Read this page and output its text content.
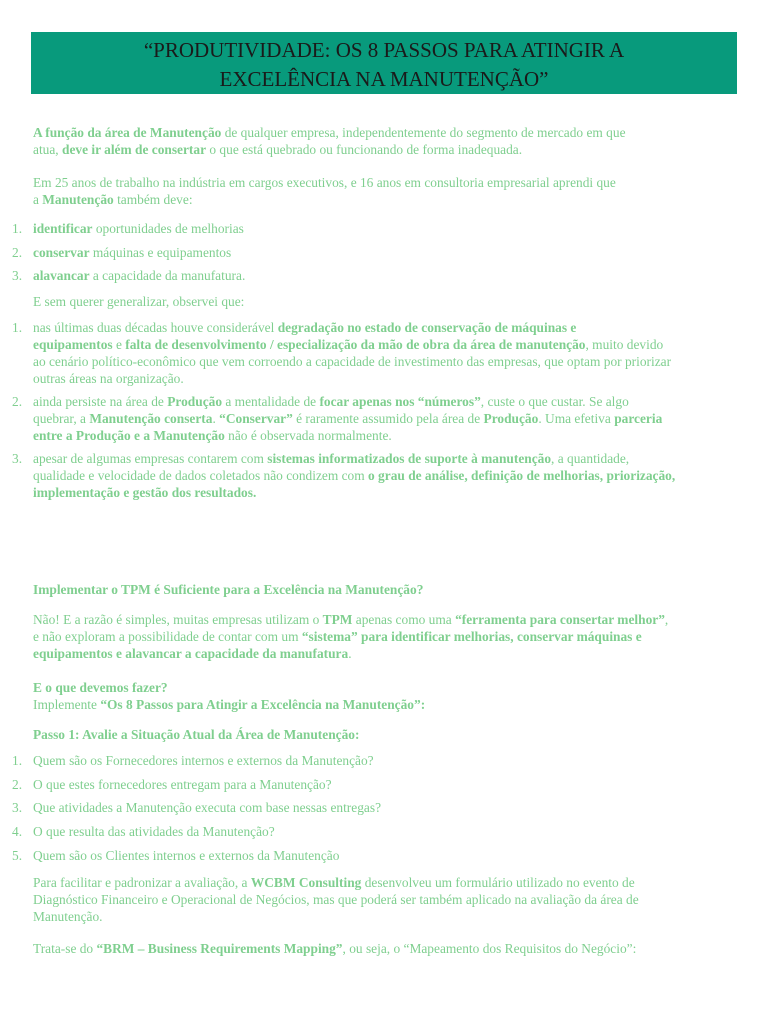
“PRODUTIVIDADE: OS 8 PASSOS PARA ATINGIR A
EXCELÊNCIA NA MANUTENÇÃO”
A função da área de Manutenção de qualquer empresa, independentemente do segmento de mercado em que
atua, deve ir além de consertar o que está quebrado ou funcionando de forma inadequada.
Em 25 anos de trabalho na indústria em cargos executivos, e 16 anos em consultoria empresarial aprendi que
a Manutenção também deve:
1. identificar oportunidades de melhorias
2. conservar máquinas e equipamentos
3. alavancar a capacidade da manufatura.
E sem querer generalizar, observei que:
1. nas últimas duas décadas houve considerável degradação no estado de conservação de máquinas e
equipamentos e falta de desenvolvimento / especialização da mão de obra da área de manutenção, muito devido
ao cenário político-econômico que vem corroendo a capacidade de investimento das empresas, que optam por priorizar
outras áreas na organização.
2. ainda persiste na área de Produção a mentalidade de focar apenas nos “números”, custe o que custar. Se algo
quebrar, a Manutenção conserta. “Conservar” é raramente assumido pela área de Produção. Uma efetiva parceria
entre a Produção e a Manutenção não é observada normalmente.
3. apesar de algumas empresas contarem com sistemas informatizados de suporte à manutenção, a quantidade,
qualidade e velocidade de dados coletados não condizem com o grau de análise, definição de melhorias, priorização,
implementação e gestão dos resultados.
Implementar o TPM é Suficiente para a Excelência na Manutenção?
Não! E a razão é simples, muitas empresas utilizam o TPM apenas como uma “ferramenta para consertar melhor”,
e não exploram a possibilidade de contar com um “sistema” para identificar melhorias, conservar máquinas e
equipamentos e alavancar a capacidade da manufatura.
E o que devemos fazer?
Implemente “Os 8 Passos para Atingir a Excelência na Manutenção”:
Passo 1: Avalie a Situação Atual da Área de Manutenção:
1. Quem são os Fornecedores internos e externos da Manutenção?
2. O que estes fornecedores entregam para a Manutenção?
3. Que atividades a Manutenção executa com base nessas entregas?
4. O que resulta das atividades da Manutenção?
5. Quem são os Clientes internos e externos da Manutenção
Para facilitar e padronizar a avaliação, a WCBM Consulting desenvolveu um formulário utilizado no evento de
Diagnóstico Financeiro e Operacional de Negócios, mas que poderá ser também aplicado na avaliação da área de
Manutenção.
Trata-se do “BRM – Business Requirements Mapping”, ou seja, o “Mapeamento dos Requisitos do Negócio”:
